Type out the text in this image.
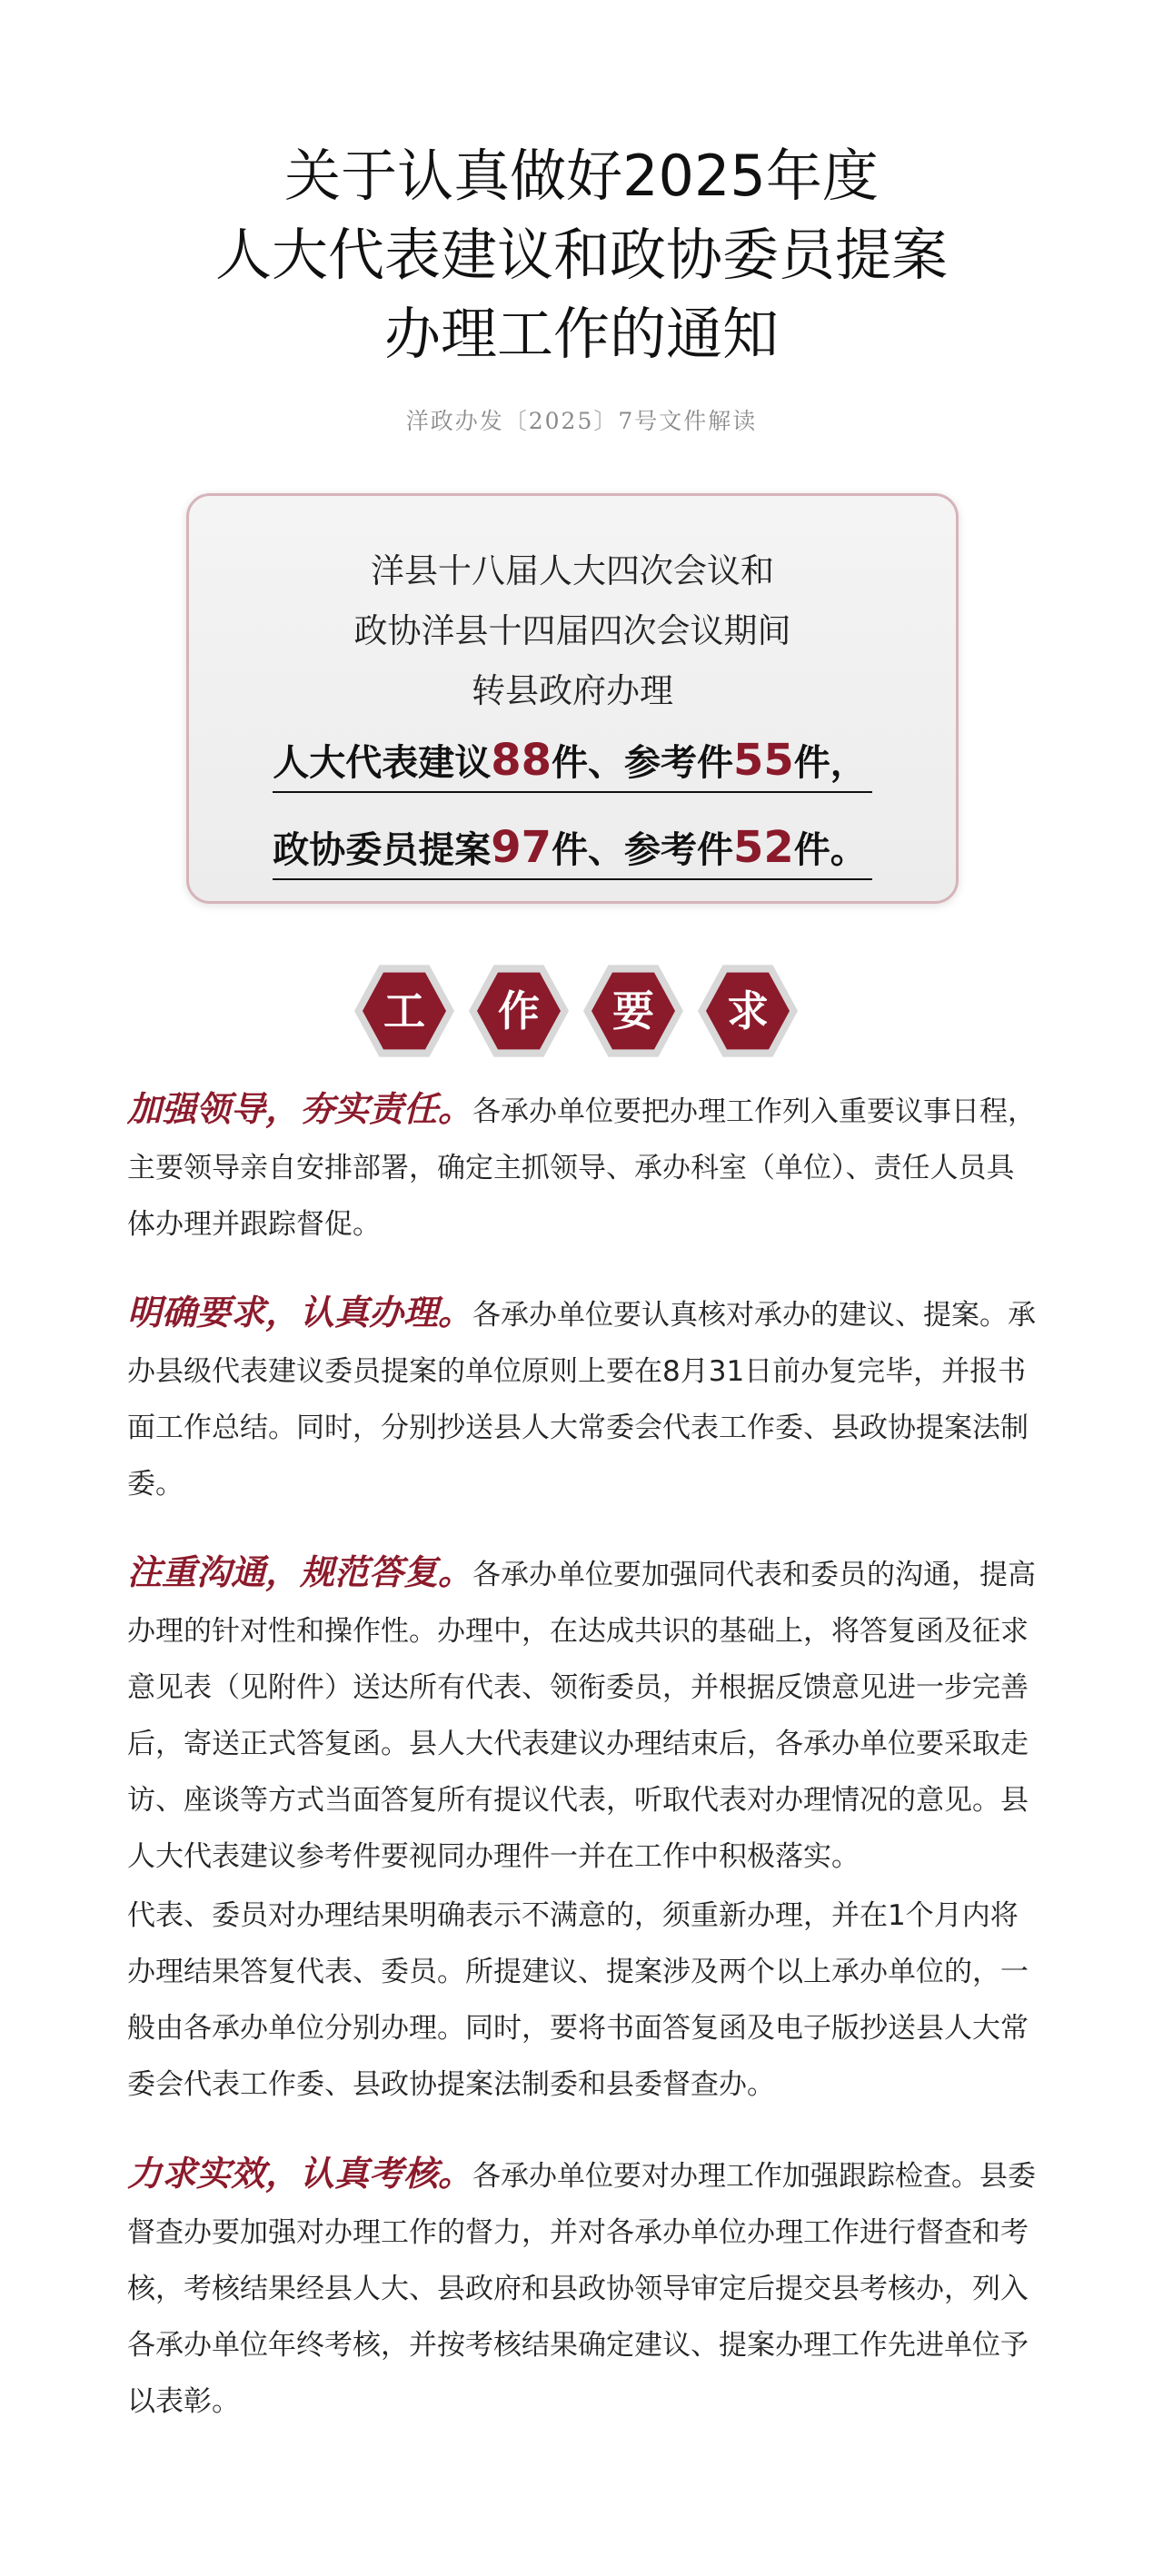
关于认真做好2025年度
人大代表建议和政协委员提案
办理工作的通知
洋政办发〔2025〕7号文件解读
洋县十八届人大四次会议和
政协洋县十四届四次会议期间
转县政府办理
人大代表建议88件、参考件55件，
政协委员提案97件、参考件52件。
工	作	要	求
加强领导，夯实责任。各承办单位要把办理工作列入重要议事日程，主要领导亲自安排部署，确定主抓领导、承办科室（单位）、责任人员具体办理并跟踪督促。
明确要求，认真办理。各承办单位要认真核对承办的建议、提案。承办县级代表建议委员提案的单位原则上要在8月31日前办复完毕，并报书面工作总结。同时，分别抄送县人大常委会代表工作委、县政协提案法制委。
注重沟通，规范答复。各承办单位要加强同代表和委员的沟通，提高办理的针对性和操作性。办理中，在达成共识的基础上，将答复函及征求意见表（见附件）送达所有代表、领衔委员，并根据反馈意见进一步完善后，寄送正式答复函。县人大代表建议办理结束后，各承办单位要采取走访、座谈等方式当面答复所有提议代表，听取代表对办理情况的意见。县人大代表建议参考件要视同办理件一并在工作中积极落实。
代表、委员对办理结果明确表示不满意的，须重新办理，并在1个月内将办理结果答复代表、委员。所提建议、提案涉及两个以上承办单位的，一般由各承办单位分别办理。同时，要将书面答复函及电子版抄送县人大常委会代表工作委、县政协提案法制委和县委督查办。
力求实效，认真考核。各承办单位要对办理工作加强跟踪检查。县委督查办要加强对办理工作的督力，并对各承办单位办理工作进行督查和考核，考核结果经县人大、县政府和县政协领导审定后提交县考核办，列入各承办单位年终考核，并按考核结果确定建议、提案办理工作先进单位予以表彰。
